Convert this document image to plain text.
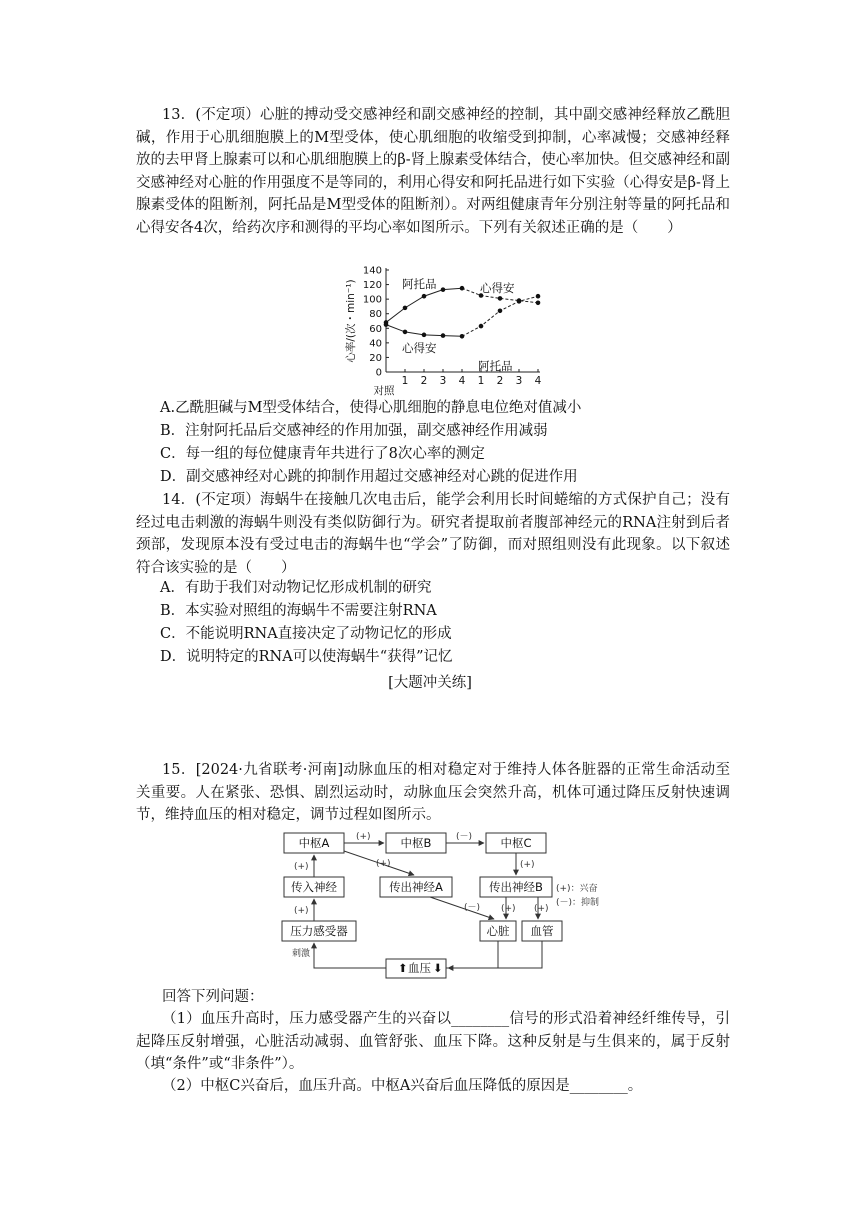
13．(不定项）心脏的搏动受交感神经和副交感神经的控制，其中副交感神经释放乙酰胆碱，作用于心肌细胞膜上的M型受体，使心肌细胞的收缩受到抑制，心率减慢；交感神经释放的去甲肾上腺素可以和心肌细胞膜上的β-肾上腺素受体结合，使心率加快。但交感神经和副交感神经对心脏的作用强度不是等同的，利用心得安和阿托品进行如下实验（心得安是β-肾上腺素受体的阻断剂，阿托品是M型受体的阻断剂）。对两组健康青年分别注射等量的阿托品和心得安各4次，给药次序和测得的平均心率如图所示。下列有关叙述正确的是（　　）
0
20
40
60
80
100
120
140
对照
1 2 3 4 1 2 3 4
心率/(次・min⁻¹)	阿托品	心得安
心得安
阿托品
A.乙酰胆碱与M型受体结合，使得心肌细胞的静息电位绝对值减小
B．注射阿托品后交感神经的作用加强，副交感神经作用减弱
C．每一组的每位健康青年共进行了8次心率的测定
D．副交感神经对心跳的抑制作用超过交感神经对心跳的促进作用
14．(不定项）海蜗牛在接触几次电击后，能学会利用长时间蜷缩的方式保护自己；没有经过电击刺激的海蜗牛则没有类似防御行为。研究者提取前者腹部神经元的RNA注射到后者颈部，发现原本没有受过电击的海蜗牛也“学会”了防御，而对照组则没有此现象。以下叙述符合该实验的是（　　）
A．有助于我们对动物记忆形成机制的研究
B．本实验对照组的海蜗牛不需要注射RNA
C．不能说明RNA直接决定了动物记忆的形成
D．说明特定的RNA可以使海蜗牛“获得”记忆
[大题冲关练]
15．[2024·九省联考·河南]动脉血压的相对稳定对于维持人体各脏器的正常生命活动至关重要。人在紧张、恐惧、剧烈运动时，动脉血压会突然升高，机体可通过降压反射快速调节，维持血压的相对稳定，调节过程如图所示。
中枢A	中枢B	中枢C
传入神经	传出神经A	传出神经B
压力感受器	心脏 血管
⬆ 血压 ⬇
(+)	(－)
(+)
(+)
(+)
(+)	(－) (+) (+)
(+)：兴奋
(－)：抑制
刺激
回答下列问题：
（1）血压升高时，压力感受器产生的兴奋以________信号的形式沿着神经纤维传导，引起降压反射增强，心脏活动减弱、血管舒张、血压下降。这种反射是与生俱来的，属于反射（填“条件”或“非条件”）。
（2）中枢C兴奋后，血压升高。中枢A兴奋后血压降低的原因是________。
